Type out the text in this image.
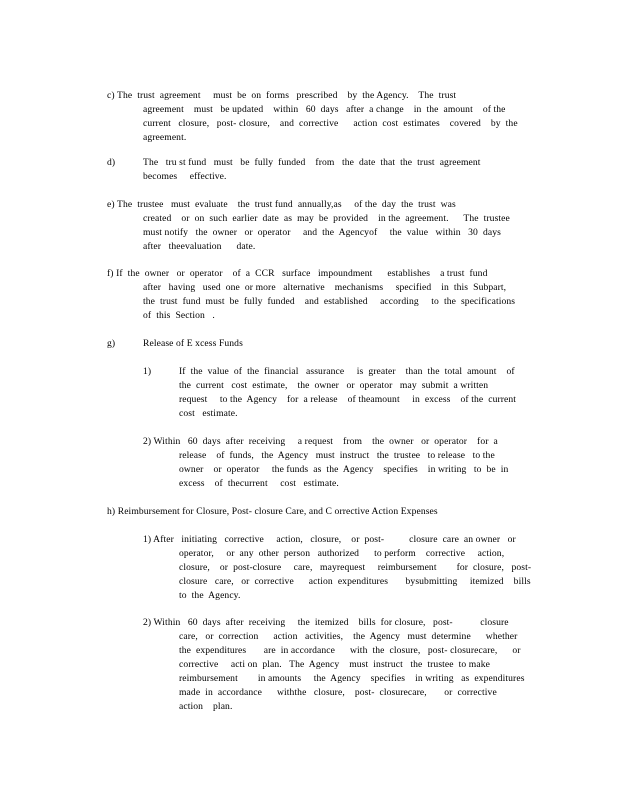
c) The  trust  agreement     must  be  on  forms   prescribed    by  the Agency.    The  trust
agreement    must   be updated    within   60  days   after  a change    in  the  amount    of the
current   closure,   post- closure,    and  corrective      action  cost  estimates    covered    by  the
agreement.
d)	The   tru st fund   must   be  fully  funded    from   the  date  that  the  trust  agreement
becomes     effective.
e) The  trustee   must  evaluate    the  trust fund  annually,as     of the  day  the  trust  was
created    or  on  such  earlier  date  as  may  be  provided    in the  agreement.      The  trustee
must notify   the  owner   or  operator     and  the  Agencyof     the  value   within   30  days
after   theevaluation      date.
f) If  the  owner   or  operator    of  a  CCR   surface   impoundment      establishes    a trust  fund
after   having   used  one  or more   alternative    mechanisms     specified    in  this  Subpart,
the  trust  fund  must  be  fully  funded    and  established     according     to  the  specifications
of  this  Section   .
g)	Release of E xcess Funds
1)	If  the  value  of  the  financial   assurance     is  greater    than  the  total  amount    of
the  current   cost  estimate,    the  owner   or  operator   may  submit  a written
request     to the  Agency    for  a release    of theamount     in  excess    of the  current
cost   estimate.
2) Within   60  days  after  receiving     a request    from    the  owner   or  operator    for  a
release    of  funds,   the  Agency   must  instruct   the  trustee   to release   to the
owner    or  operator     the funds  as  the  Agency    specifies    in writing   to  be  in
excess    of  thecurrent     cost   estimate.
h) Reimbursement for Closure, Post- closure Care, and C orrective Action Expenses
1) After   initiating   corrective     action,   closure,    or  post-          closure  care  an owner   or
operator,     or  any  other  person   authorized      to perform    corrective     action,
closure,    or  post-closure     care,   mayrequest     reimbursement        for  closure,   post-
closure   care,   or  corrective      action  expenditures       bysubmitting     itemized    bills
to  the  Agency.
2) Within   60  days  after  receiving     the  itemized    bills  for closure,   post-           closure
care,   or  correction      action   activities,    the  Agency   must  determine      whether
the  expenditures       are  in accordance      with  the  closure,   post- closurecare,      or
corrective     acti on  plan.   The  Agency    must  instruct   the  trustee  to make
reimbursement        in amounts     the  Agency    specifies    in writing   as  expenditures
made  in  accordance      withthe   closure,    post-  closurecare,       or  corrective
action    plan.
